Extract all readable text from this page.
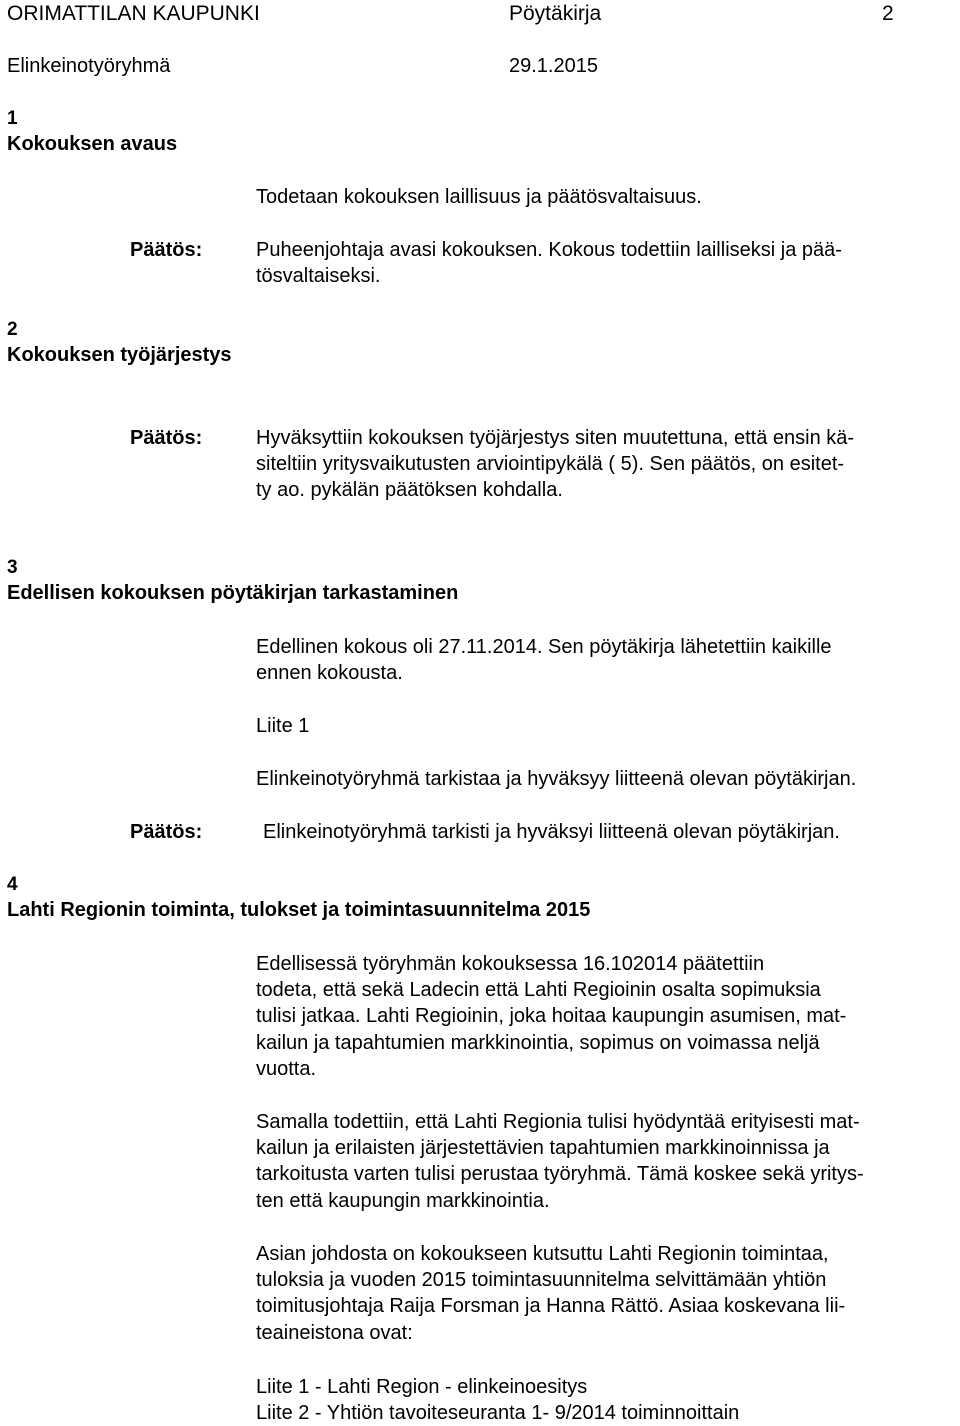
ORIMATTILAN KAUPUNKI	Pöytäkirja	2
Elinkeinotyöryhmä	29.1.2015
1
Kokouksen avaus
Todetaan kokouksen laillisuus ja päätösvaltaisuus.
Päätös:	Puheenjohtaja avasi kokouksen. Kokous todettiin lailliseksi ja pää-
tösvaltaiseksi.
2
Kokouksen työjärjestys
Päätös:	Hyväksyttiin kokouksen työjärjestys siten muutettuna, että ensin kä-
siteltiin yritysvaikutusten arviointipykälä ( 5). Sen päätös, on esitet-
ty ao. pykälän päätöksen kohdalla.
3
Edellisen kokouksen pöytäkirjan tarkastaminen
Edellinen kokous oli 27.11.2014. Sen pöytäkirja lähetettiin kaikille
ennen kokousta.
Liite 1
Elinkeinotyöryhmä tarkistaa ja hyväksyy liitteenä olevan pöytäkirjan.
Päätös:	Elinkeinotyöryhmä tarkisti ja hyväksyi liitteenä olevan pöytäkirjan.
4
Lahti Regionin toiminta, tulokset ja toimintasuunnitelma 2015
Edellisessä työryhmän kokouksessa 16.102014 päätettiin
todeta, että sekä Ladecin että Lahti Regioinin osalta sopimuksia
tulisi jatkaa. Lahti Regioinin, joka hoitaa kaupungin asumisen, mat-
kailun ja tapahtumien markkinointia, sopimus on voimassa neljä
vuotta.
Samalla todettiin, että Lahti Regionia tulisi hyödyntää erityisesti mat-
kailun ja erilaisten järjestettävien tapahtumien markkinoinnissa ja
tarkoitusta varten tulisi perustaa työryhmä. Tämä koskee sekä yritys-
ten että kaupungin markkinointia.
Asian johdosta on kokoukseen kutsuttu Lahti Regionin toimintaa,
tuloksia ja vuoden 2015 toimintasuunnitelma selvittämään yhtiön
toimitusjohtaja Raija Forsman ja Hanna Rättö. Asiaa koskevana lii-
teaineistona ovat:
Liite 1 - Lahti Region - elinkeinoesitys
Liite 2 - Yhtiön tavoiteseuranta 1- 9/2014 toiminnoittain
